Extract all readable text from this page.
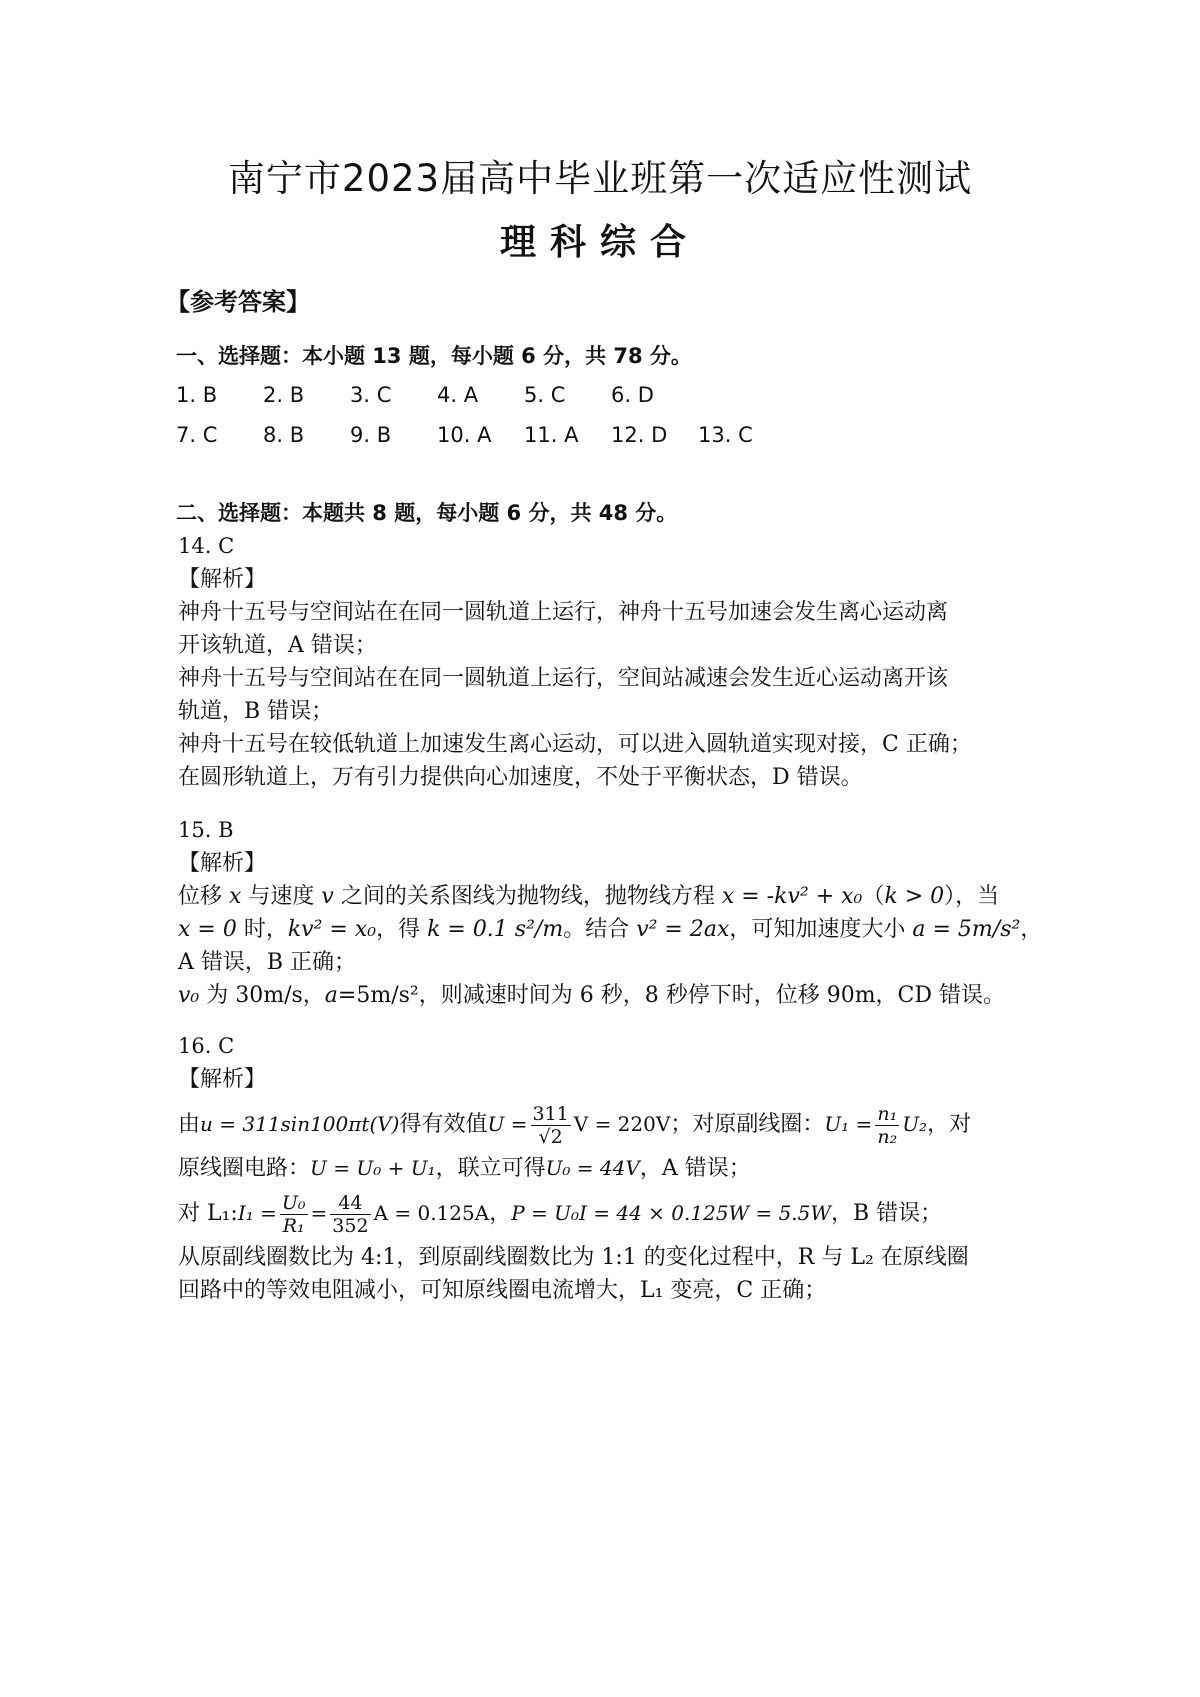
南宁市2023届高中毕业班第一次适应性测试
理科综合
【参考答案】
一、选择题：本小题 13 题，每小题 6 分，共 78 分。
1. B 2. B 3. C 4. A 5. C 6. D
7. C 8. B 9. B 10. A 11. A 12. D 13. C
二、选择题：本题共 8 题，每小题 6 分，共 48 分。
14. C
【解析】
神舟十五号与空间站在在同一圆轨道上运行，神舟十五号加速会发生离心运动离
开该轨道，A 错误；
神舟十五号与空间站在在同一圆轨道上运行，空间站减速会发生近心运动离开该
轨道，B 错误；
神舟十五号在较低轨道上加速发生离心运动，可以进入圆轨道实现对接，C 正确；
在圆形轨道上，万有引力提供向心加速度，不处于平衡状态，D 错误。
15. B
【解析】
位移 x 与速度 v 之间的关系图线为抛物线，抛物线方程 x = -kv² + x₀（k > 0），当
x = 0 时，kv² = x₀，得 k = 0.1 s²/m。结合 v² = 2ax，可知加速度大小 a = 5m/s²，
A 错误，B 正确；
v₀ 为 30m/s，a=5m/s²，则减速时间为 6 秒，8 秒停下时，位移 90m，CD 错误。
16. C
【解析】
由u = 311sin100πt(V)得有效值$U = \frac{311}{√2}$ V = 220V；对原副线圈：$U_1 = \frac{\text{n₁}}{\text{n₂}} U_2$，对
原线圈电路：U = U₀ + U₁，联立可得U₀ = 44V，A 错误；
对 L₁:I₁ = $\frac{\text{U₀}}{\text{R₁}} = \frac{44}{352}$ A = 0.125A，P = U₀I = 44 × 0.125W = 5.5W，B 错误；
从原副线圈数比为 4:1，到原副线圈数比为 1:1 的变化过程中，R 与 L₂ 在原线圈
回路中的等效电阻减小，可知原线圈电流增大，L₁ 变亮，C 正确；
